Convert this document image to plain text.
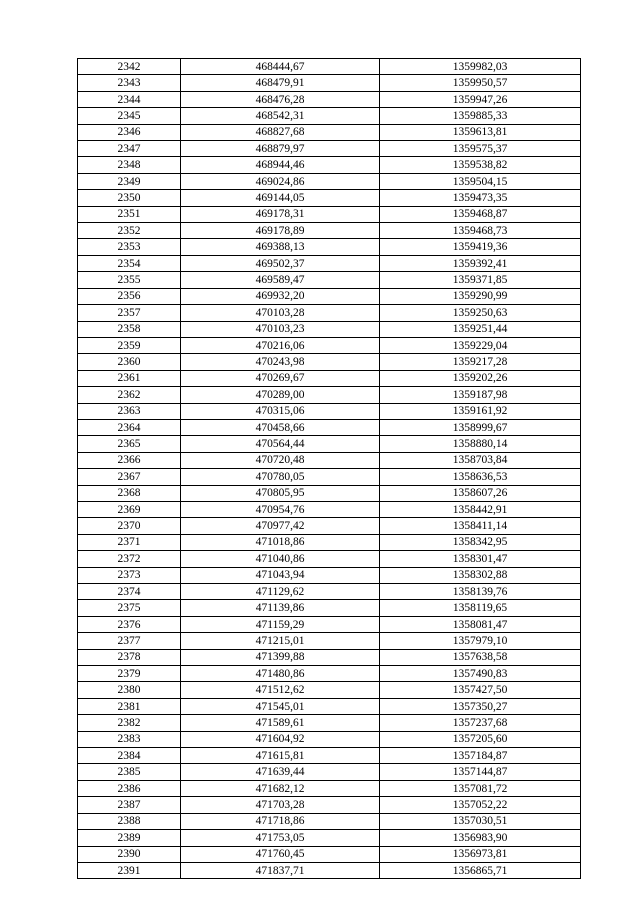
2342	468444,67	1359982,03
2343	468479,91	1359950,57
2344	468476,28	1359947,26
2345	468542,31	1359885,33
2346	468827,68	1359613,81
2347	468879,97	1359575,37
2348	468944,46	1359538,82
2349	469024,86	1359504,15
2350	469144,05	1359473,35
2351	469178,31	1359468,87
2352	469178,89	1359468,73
2353	469388,13	1359419,36
2354	469502,37	1359392,41
2355	469589,47	1359371,85
2356	469932,20	1359290,99
2357	470103,28	1359250,63
2358	470103,23	1359251,44
2359	470216,06	1359229,04
2360	470243,98	1359217,28
2361	470269,67	1359202,26
2362	470289,00	1359187,98
2363	470315,06	1359161,92
2364	470458,66	1358999,67
2365	470564,44	1358880,14
2366	470720,48	1358703,84
2367	470780,05	1358636,53
2368	470805,95	1358607,26
2369	470954,76	1358442,91
2370	470977,42	1358411,14
2371	471018,86	1358342,95
2372	471040,86	1358301,47
2373	471043,94	1358302,88
2374	471129,62	1358139,76
2375	471139,86	1358119,65
2376	471159,29	1358081,47
2377	471215,01	1357979,10
2378	471399,88	1357638,58
2379	471480,86	1357490,83
2380	471512,62	1357427,50
2381	471545,01	1357350,27
2382	471589,61	1357237,68
2383	471604,92	1357205,60
2384	471615,81	1357184,87
2385	471639,44	1357144,87
2386	471682,12	1357081,72
2387	471703,28	1357052,22
2388	471718,86	1357030,51
2389	471753,05	1356983,90
2390	471760,45	1356973,81
2391	471837,71	1356865,71
